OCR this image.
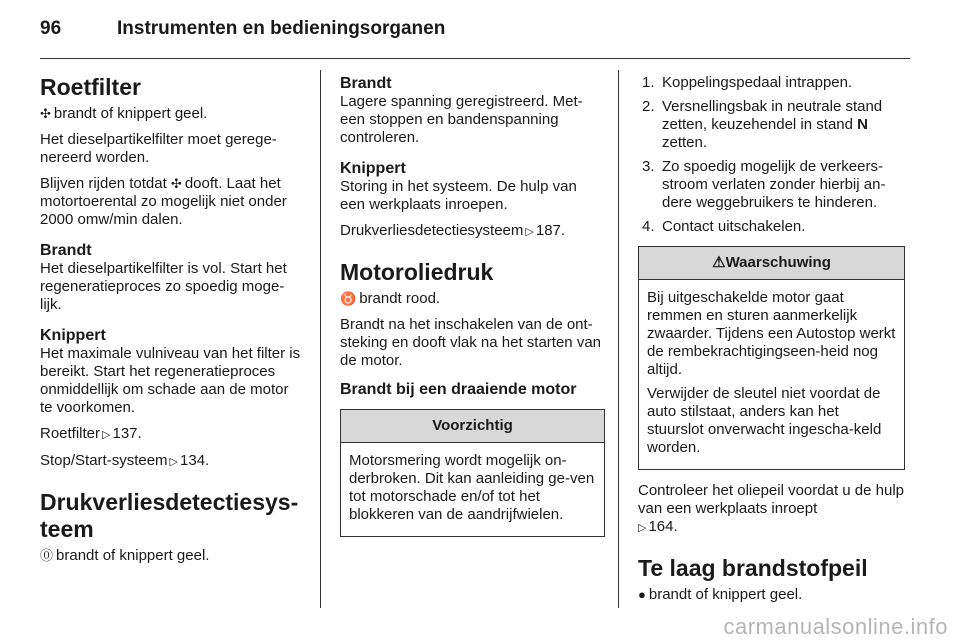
96	Instrumenten en bedieningsorganen
Roetfilter

✣ brandt of knippert geel.

Het dieselpartikelfilter moet gerege-nereerd worden.

Blijven rijden totdat ✣ dooft. Laat het motortoerental zo mogelijk niet onder 2000 omw/min dalen.

Brandt

Het dieselpartikelfilter is vol. Start het regeneratieproces zo spoedig moge-lijk.

Knippert

Het maximale vulniveau van het filter is bereikt. Start het regeneratieproces onmiddellijk om schade aan de motor te voorkomen.

Roetfilter ▷ 137.

Stop/Start-systeem ▷ 134.

Drukverliesdetectiesys-teem

⓪ brandt of knippert geel.

Brandt

Lagere spanning geregistreerd. Met-een stoppen en bandenspanning controleren.

Knippert

Storing in het systeem. De hulp van een werkplaats inroepen.

Drukverliesdetectiesysteem ▷ 187.

Motoroliedruk

♉ brandt rood.

Brandt na het inschakelen van de ont-steking en dooft vlak na het starten van de motor.

Brandt bij een draaiende motor
Voorzichtig

Motorsmering wordt mogelijk on-derbroken. Dit kan aanleiding ge-ven tot motorschade en/of tot het blokkeren van de aandrijfwielen.

1. Koppelingspedaal intrappen.
2. Versnellingsbak in neutrale stand zetten, keuzehendel in stand N zetten.
3. Zo spoedig mogelijk de verkeers-stroom verlaten zonder hierbij an-dere weggebruikers te hinderen.
4. Contact uitschakelen.
⚠Waarschuwing

Bij uitgeschakelde motor gaat remmen en sturen aanmerkelijk zwaarder. Tijdens een Autostop werkt de rembekrachtigingseen-heid nog altijd.

Verwijder de sleutel niet voordat de auto stilstaat, anders kan het stuurslot onverwacht ingescha-keld worden.

Controleer het oliepeil voordat u de hulp van een werkplaats inroept
▷ 164.

Te laag brandstofpeil

● brandt of knippert geel.

carmanualsonline.info
